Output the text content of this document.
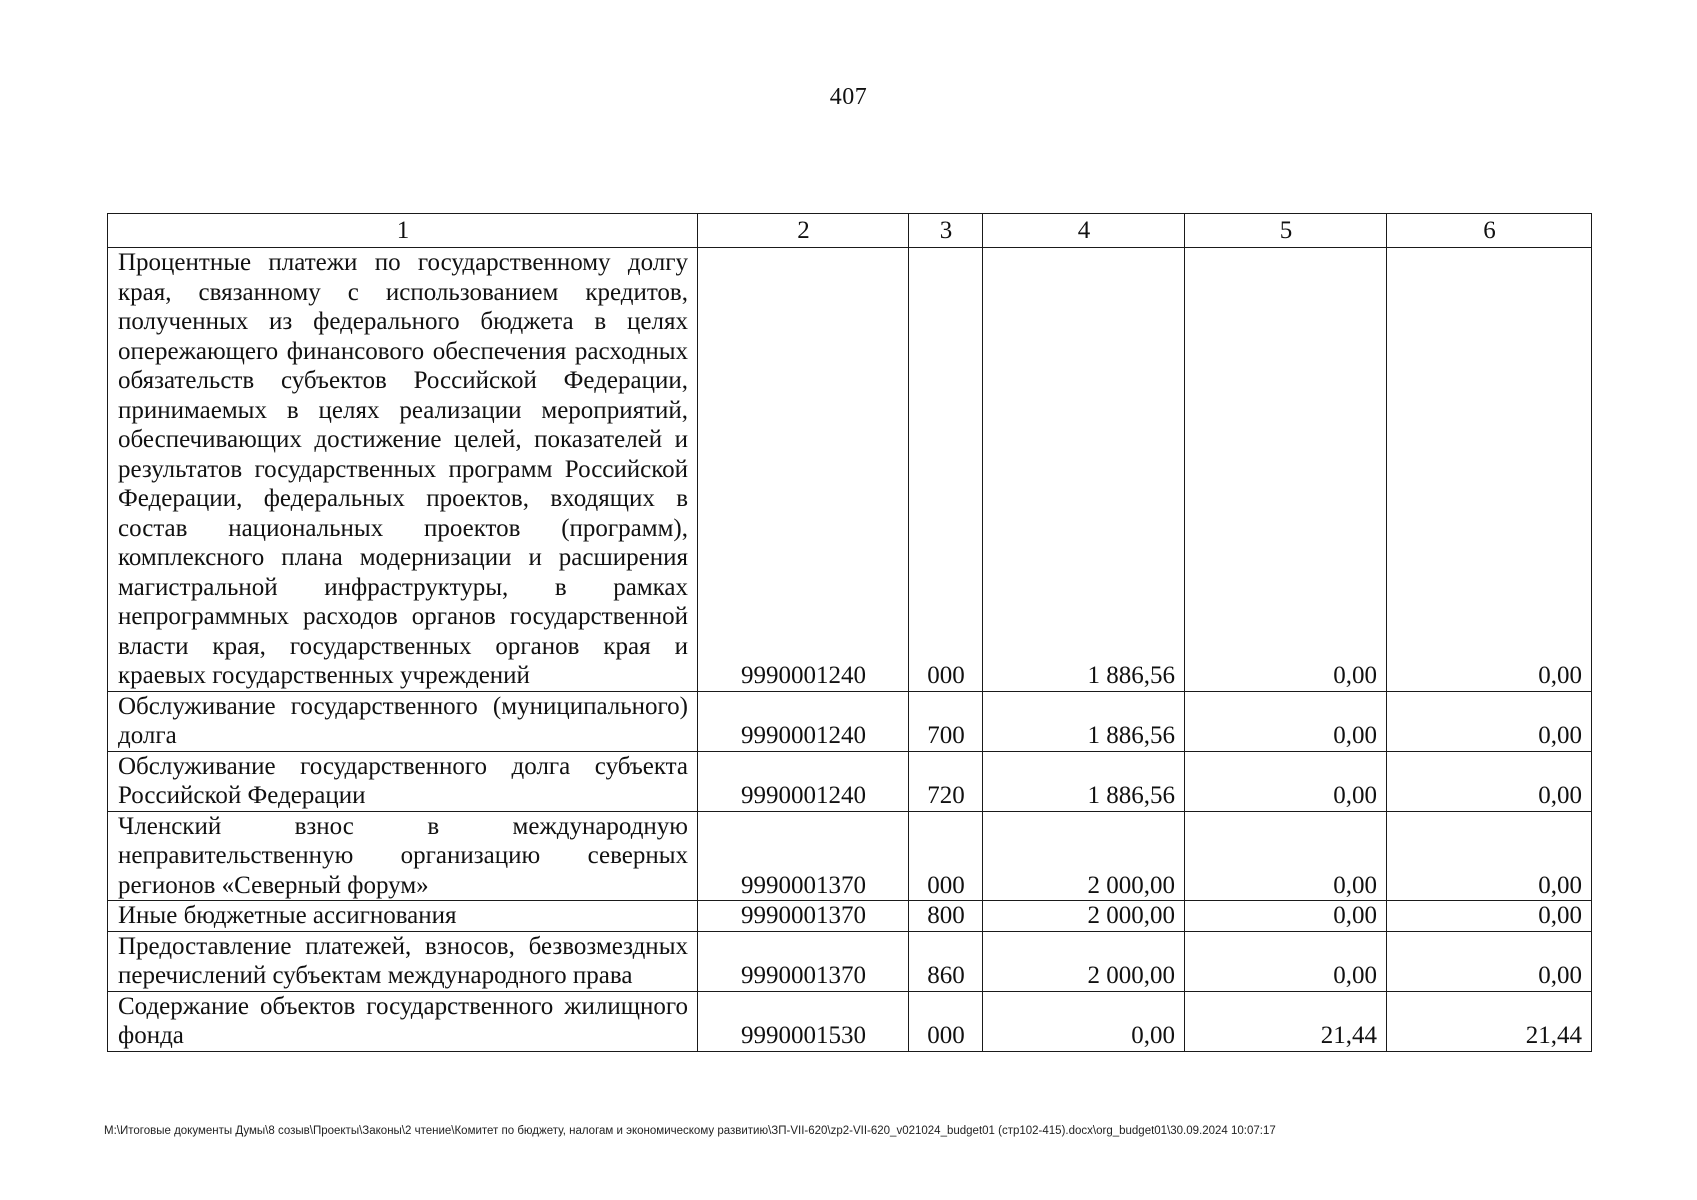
407
1	2	3	4	5	6
Процентные платежи по государственному долгу края, связанному с использованием кредитов, полученных из федерального бюджета в целях опережающего финансового обеспечения расходных обязательств субъектов Российской Федерации, принимаемых в целях реализации мероприятий, обеспечивающих достижение целей, показателей и результатов государственных программ Российской Федерации, федеральных проектов, входящих в состав национальных проектов (программ), комплексного плана модернизации и расширения магистральной инфраструктуры, в рамках непрограммных расходов органов государственной власти края, государственных органов края и краевых государственных учреждений	9990001240	000	1 886,56	0,00	0,00
Обслуживание государственного (муниципального) долга	9990001240	700	1 886,56	0,00	0,00
Обслуживание государственного долга субъекта Российской Федерации	9990001240	720	1 886,56	0,00	0,00
Членский взнос в международную неправительственную организацию северных регионов «Северный форум»	9990001370	000	2 000,00	0,00	0,00
Иные бюджетные ассигнования	9990001370	800	2 000,00	0,00	0,00
Предоставление платежей, взносов, безвозмездных перечислений субъектам международного права	9990001370	860	2 000,00	0,00	0,00
Содержание объектов государственного жилищного фонда	9990001530	000	0,00	21,44	21,44
M:\Итоговые документы Думы\8 созыв\Проекты\Законы\2 чтение\Комитет по бюджету, налогам и экономическому развитию\ЗП-VII-620\zp2-VII-620_v021024_budget01 (стр102-415).docx\org_budget01\30.09.2024 10:07:17
